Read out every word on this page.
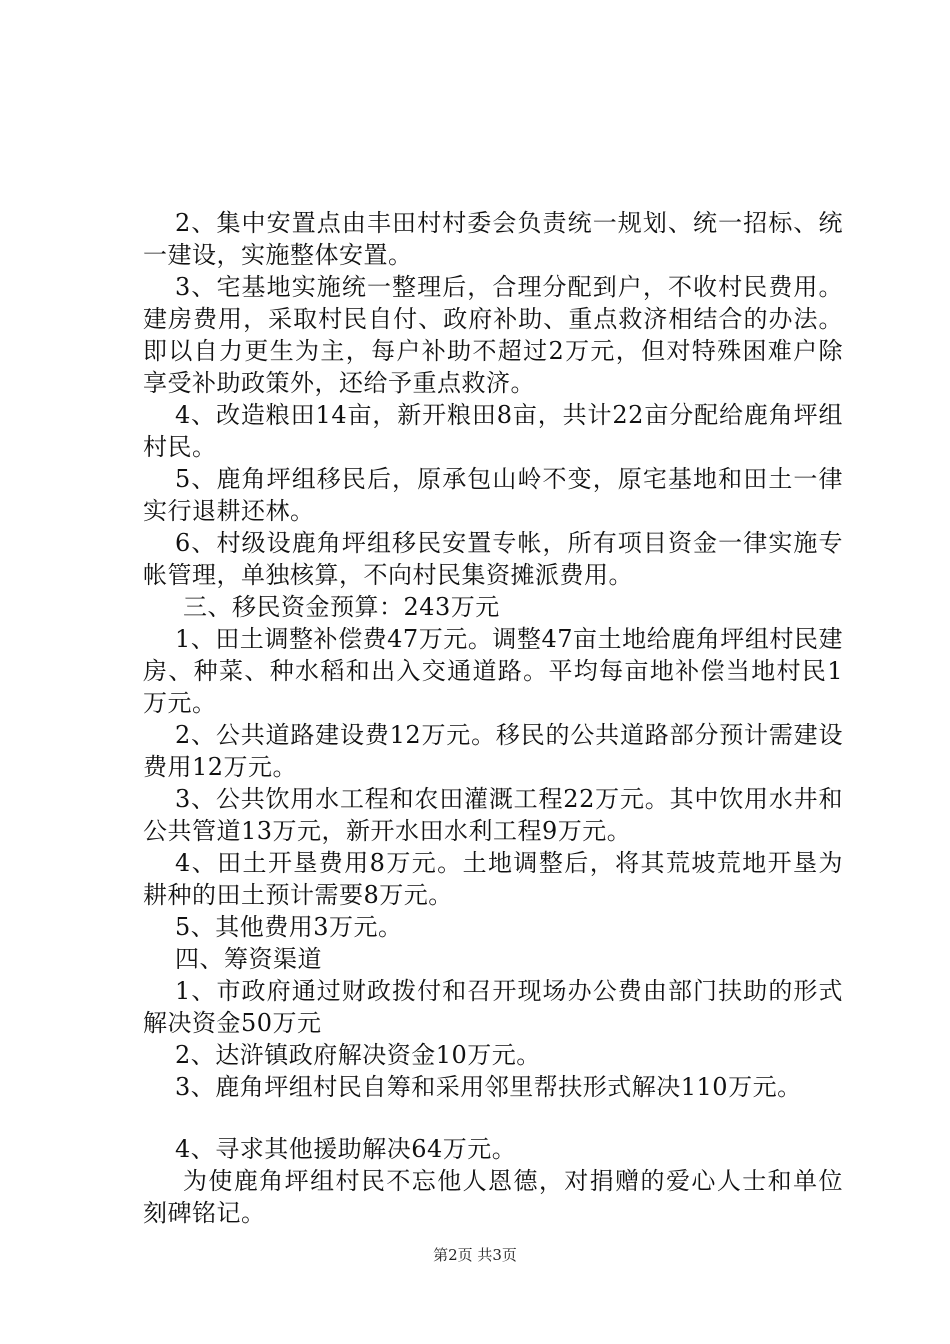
2、集中安置点由丰田村村委会负责统一规划、统一招标、统一建设，实施整体安置。

3、宅基地实施统一整理后，合理分配到户，不收村民费用。建房费用，采取村民自付、政府补助、重点救济相结合的办法。即以自力更生为主，每户补助不超过2万元，但对特殊困难户除享受补助政策外，还给予重点救济。

4、改造粮田14亩，新开粮田8亩，共计22亩分配给鹿角坪组村民。

5、鹿角坪组移民后，原承包山岭不变，原宅基地和田土一律实行退耕还林。

6、村级设鹿角坪组移民安置专帐，所有项目资金一律实施专帐管理，单独核算，不向村民集资摊派费用。

三、移民资金预算：243万元

1、田土调整补偿费47万元。调整47亩土地给鹿角坪组村民建房、种菜、种水稻和出入交通道路。平均每亩地补偿当地村民1万元。

2、公共道路建设费12万元。移民的公共道路部分预计需建设费用12万元。

3、公共饮用水工程和农田灌溉工程22万元。其中饮用水井和公共管道13万元，新开水田水利工程9万元。

4、田土开垦费用8万元。土地调整后，将其荒坡荒地开垦为耕种的田土预计需要8万元。

5、其他费用3万元。

四、筹资渠道

1、市政府通过财政拨付和召开现场办公费由部门扶助的形式解决资金50万元

2、达浒镇政府解决资金10万元。

3、鹿角坪组村民自筹和采用邻里帮扶形式解决110万元。

4、寻求其他援助解决64万元。

为使鹿角坪组村民不忘他人恩德，对捐赠的爱心人士和单位刻碑铭记。

第2页 共3页
